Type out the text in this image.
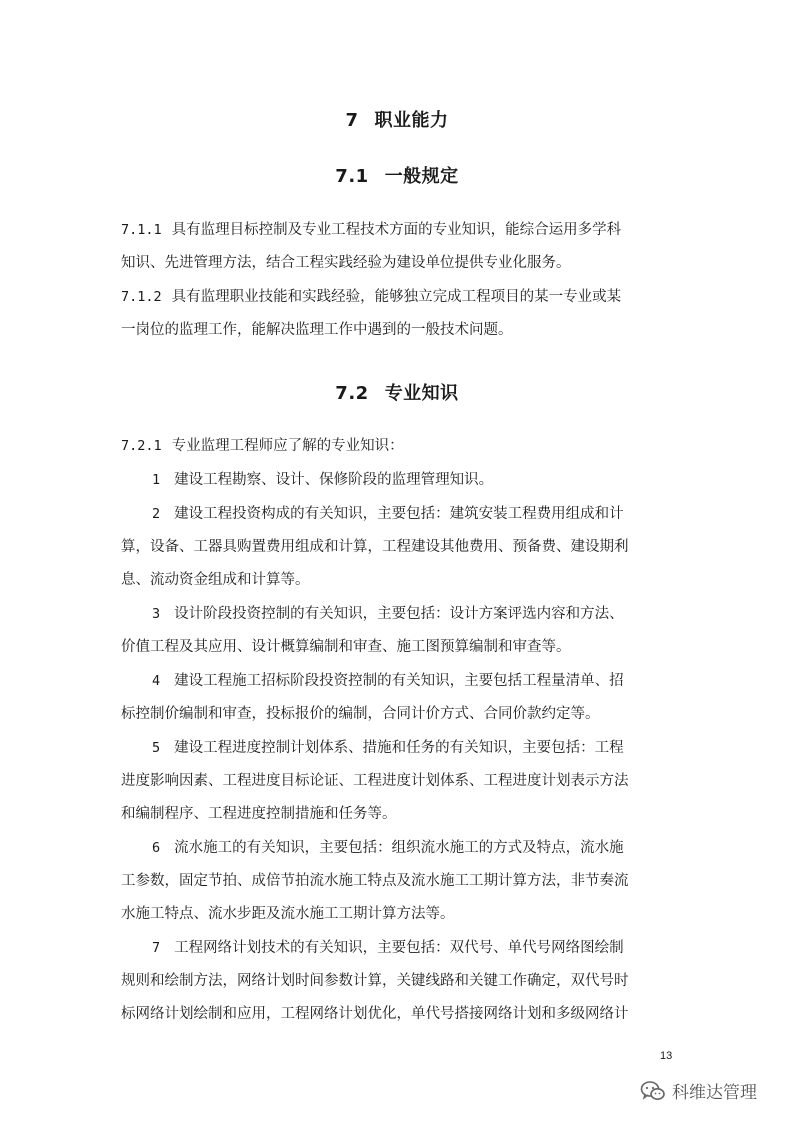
7 职业能力
7.1 一般规定
7.1.1 具有监理目标控制及专业工程技术方面的专业知识，能综合运用多学科
知识、先进管理方法，结合工程实践经验为建设单位提供专业化服务。
7.1.2 具有监理职业技能和实践经验，能够独立完成工程项目的某一专业或某
一岗位的监理工作，能解决监理工作中遇到的一般技术问题。
7.2 专业知识
7.2.1 专业监理工程师应了解的专业知识：
1 建设工程勘察、设计、保修阶段的监理管理知识。
2 建设工程投资构成的有关知识，主要包括：建筑安装工程费用组成和计
算，设备、工器具购置费用组成和计算，工程建设其他费用、预备费、建设期利
息、流动资金组成和计算等。
3 设计阶段投资控制的有关知识，主要包括：设计方案评选内容和方法、
价值工程及其应用、设计概算编制和审查、施工图预算编制和审查等。
4 建设工程施工招标阶段投资控制的有关知识，主要包括工程量清单、招
标控制价编制和审查，投标报价的编制，合同计价方式、合同价款约定等。
5 建设工程进度控制计划体系、措施和任务的有关知识，主要包括：工程
进度影响因素、工程进度目标论证、工程进度计划体系、工程进度计划表示方法
和编制程序、工程进度控制措施和任务等。
6 流水施工的有关知识，主要包括：组织流水施工的方式及特点，流水施
工参数，固定节拍、成倍节拍流水施工特点及流水施工工期计算方法，非节奏流
水施工特点、流水步距及流水施工工期计算方法等。
7 工程网络计划技术的有关知识，主要包括：双代号、单代号网络图绘制
规则和绘制方法，网络计划时间参数计算，关键线路和关键工作确定，双代号时
标网络计划绘制和应用，工程网络计划优化，单代号搭接网络计划和多级网络计
13
科维达管理
